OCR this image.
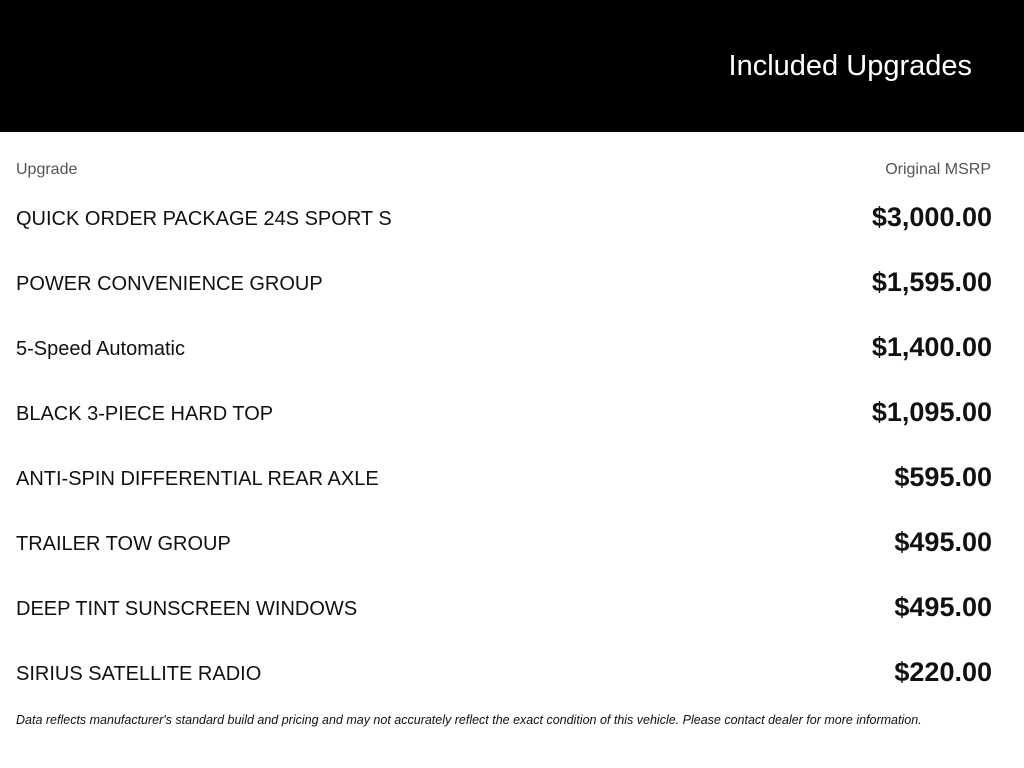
Included Upgrades
Upgrade	Original MSRP
QUICK ORDER PACKAGE 24S SPORT S	$3,000.00
POWER CONVENIENCE GROUP	$1,595.00
5-Speed Automatic	$1,400.00
BLACK 3-PIECE HARD TOP	$1,095.00
ANTI-SPIN DIFFERENTIAL REAR AXLE	$595.00
TRAILER TOW GROUP	$495.00
DEEP TINT SUNSCREEN WINDOWS	$495.00
SIRIUS SATELLITE RADIO	$220.00
Data reflects manufacturer's standard build and pricing and may not accurately reflect the exact condition of this vehicle. Please contact dealer for more information.
